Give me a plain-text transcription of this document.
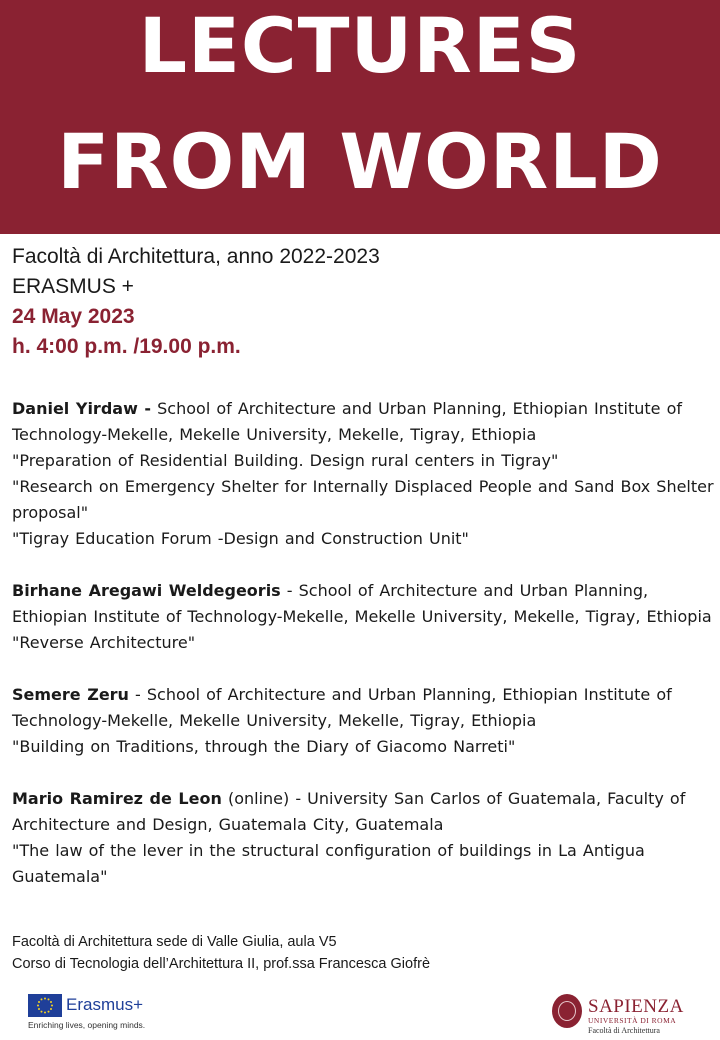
LECTURES
FROM WORLD
Facoltà di Architettura, anno 2022-2023
ERASMUS +
24 May 2023
h. 4:00 p.m. /19.00 p.m.
Daniel Yirdaw - School of Architecture and Urban Planning, Ethiopian Institute of Technology-Mekelle, Mekelle University, Mekelle, Tigray, Ethiopia
"Preparation of Residential Building. Design rural centers in Tigray"
"Research on Emergency Shelter for Internally Displaced People and Sand Box Shelter proposal"
"Tigray Education Forum -Design and Construction Unit"
Birhane Aregawi Weldegeoris - School of Architecture and Urban Planning, Ethiopian Institute of Technology-Mekelle, Mekelle University, Mekelle, Tigray, Ethiopia
"Reverse Architecture"
Semere Zeru - School of Architecture and Urban Planning, Ethiopian Institute of Technology-Mekelle, Mekelle University, Mekelle, Tigray, Ethiopia
"Building on Traditions, through the Diary of Giacomo Narreti"
Mario Ramirez de Leon (online) - University San Carlos of Guatemala, Faculty of Architecture and Design, Guatemala City, Guatemala
"The law of the lever in the structural configuration of buildings in La Antigua Guatemala"
Facoltà di Architettura sede di Valle Giulia, aula V5
Corso di Tecnologia dell’Architettura II, prof.ssa Francesca Giofrè
Erasmus+
Enriching lives, opening minds.
SAPIENZA
UNIVERSITÀ DI ROMA
Facoltà di Architettura
